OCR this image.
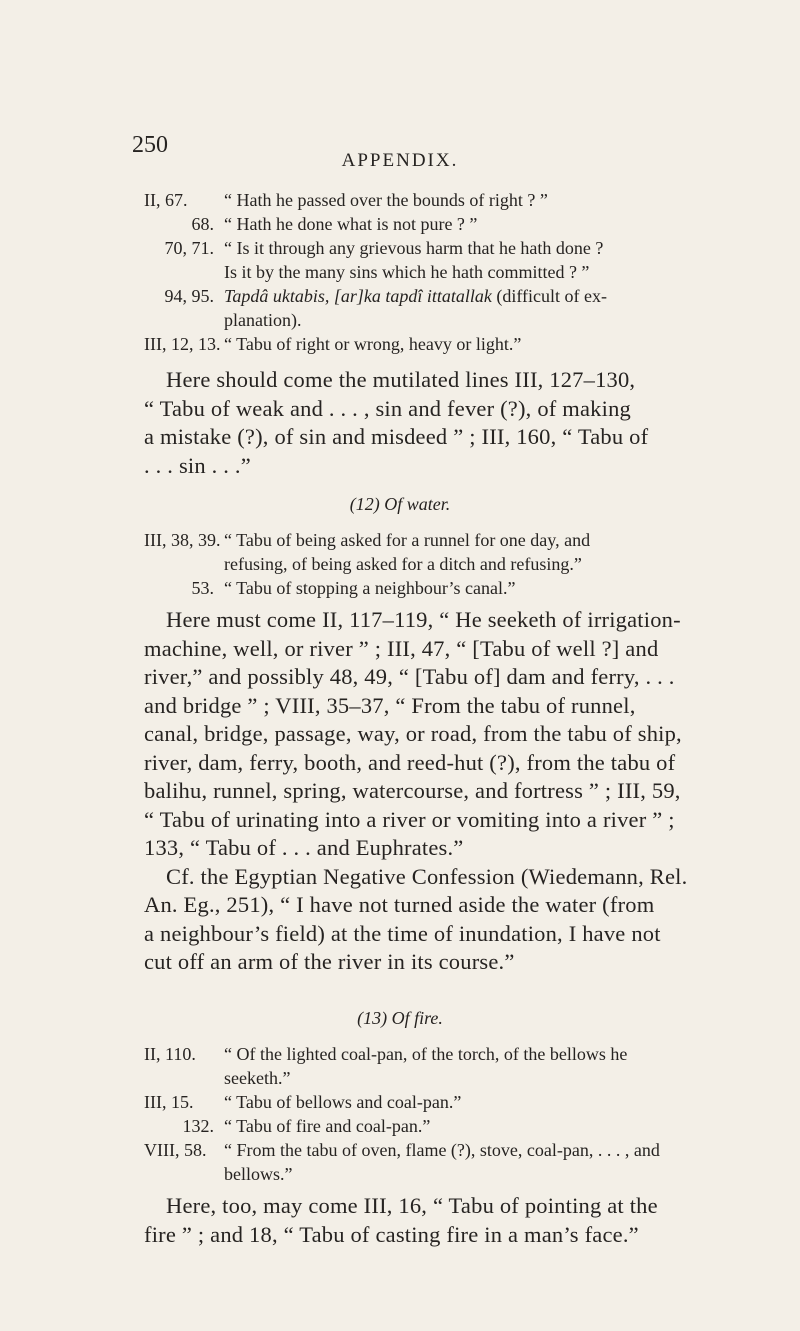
250
APPENDIX.
II, 67.	“ Hath he passed over the bounds of right ? ”
68. “ Hath he done what is not pure ? ”
70, 71. “ Is it through any grievous harm that he hath done ?
Is it by the many sins which he hath committed ? ”
94, 95. Tapdâ uktabis, [ar]ka tapdî ittatallak (difficult of ex-
planation).
III, 12, 13. “ Tabu of right or wrong, heavy or light.”
Here should come the mutilated lines III, 127–130,
“ Tabu of weak and . . . , sin and fever (?), of making
a mistake (?), of sin and misdeed ” ; III, 160, “ Tabu of
. . . sin . . .”
(12) Of water.
III, 38, 39. “ Tabu of being asked for a runnel for one day, and
refusing, of being asked for a ditch and refusing.”
53. “ Tabu of stopping a neighbour’s canal.”
Here must come II, 117–119, “ He seeketh of irrigation-
machine, well, or river ” ; III, 47, “ [Tabu of well ?] and
river,” and possibly 48, 49, “ [Tabu of] dam and ferry, . . .
and bridge ” ; VIII, 35–37, “ From the tabu of runnel,
canal, bridge, passage, way, or road, from the tabu of ship,
river, dam, ferry, booth, and reed-hut (?), from the tabu of
balihu, runnel, spring, watercourse, and fortress ” ; III, 59,
“ Tabu of urinating into a river or vomiting into a river ” ;
133, “ Tabu of . . . and Euphrates.”
Cf. the Egyptian Negative Confession (Wiedemann, Rel.
An. Eg., 251), “ I have not turned aside the water (from
a neighbour’s field) at the time of inundation, I have not
cut off an arm of the river in its course.”
(13) Of fire.
II, 110.	“ Of the lighted coal-pan, of the torch, of the bellows he
seeketh.”
III, 15.	“ Tabu of bellows and coal-pan.”
132. “ Tabu of fire and coal-pan.”
VIII, 58. “ From the tabu of oven, flame (?), stove, coal-pan, . . . , and
bellows.”
Here, too, may come III, 16, “ Tabu of pointing at the
fire ” ; and 18, “ Tabu of casting fire in a man’s face.”
